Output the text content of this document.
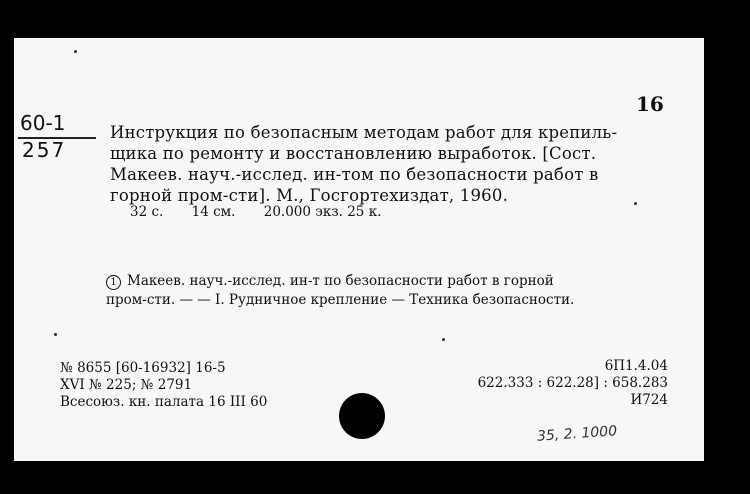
16
60-1
257
Инструкция по безопасным методам работ для крепиль-
щика по ремонту и восстановлению выработок. [Сост.
Макеев. науч.-исслед. ин-том по безопасности работ в
горной пром-сти]. М., Госгортехиздат, 1960.
32 с. 14 см. 20.000 экз. 25 к.
1 Макеев. науч.-исслед. ин-т по безопасности работ в горной
пром-сти. — — I. Рудничное крепление — Техника безопасности.
№ 8655 [60-16932] 16-5
XVI № 225; № 2791
Всесоюз. кн. палата 16 III 60
6П1.4.04
622.333 : 622.28] : 658.283
И724
35, 2. 1000
